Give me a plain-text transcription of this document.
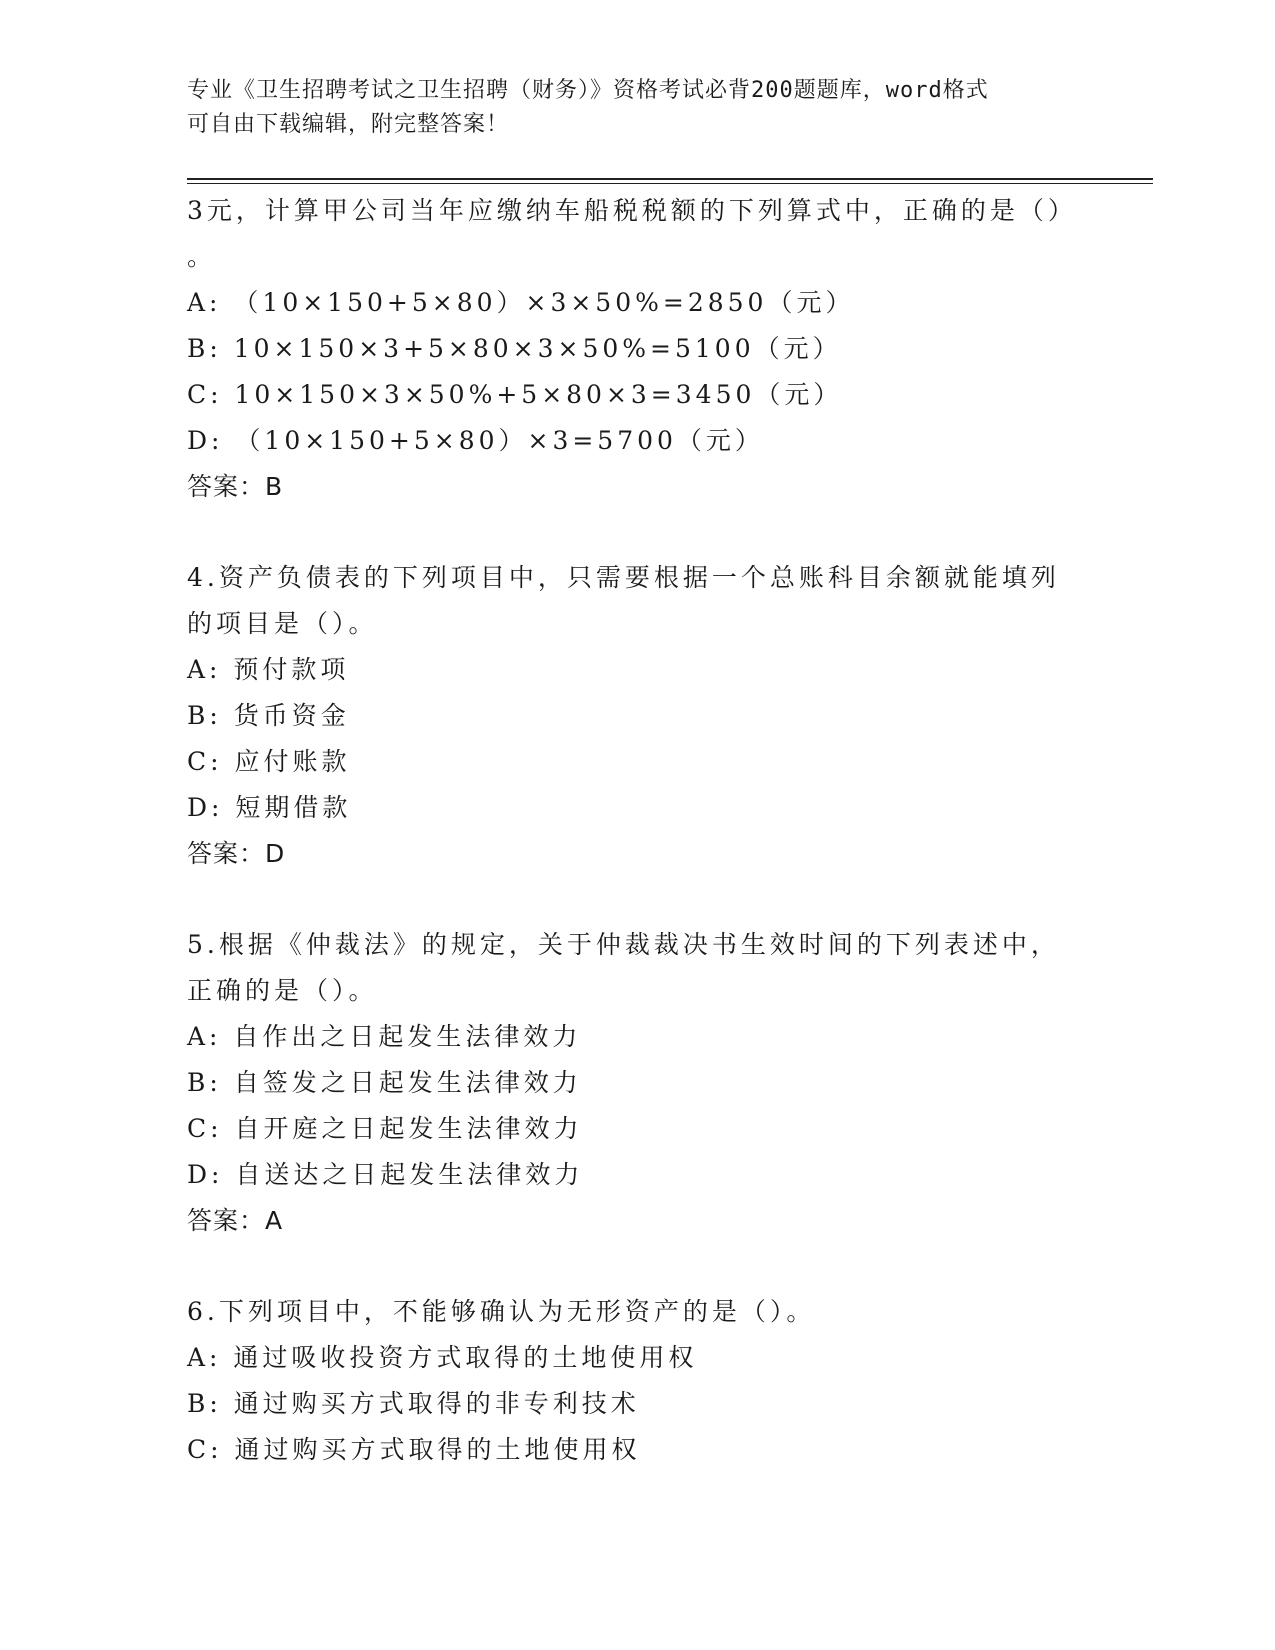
专业《卫生招聘考试之卫生招聘（财务）》资格考试必背200题题库，word格式
可自由下载编辑，附完整答案！
3元，计算甲公司当年应缴纳车船税税额的下列算式中，正确的是（）
。
A: （10×150+5×80）×3×50%=2850（元）
B: 10×150×3+5×80×3×50%=5100（元）
C: 10×150×3×50%+5×80×3=3450（元）
D: （10×150+5×80）×3=5700（元）
答案：B
4.资产负债表的下列项目中，只需要根据一个总账科目余额就能填列
的项目是（）。
A: 预付款项
B: 货币资金
C: 应付账款
D: 短期借款
答案：D
5.根据《仲裁法》的规定，关于仲裁裁决书生效时间的下列表述中，
正确的是（）。
A: 自作出之日起发生法律效力
B: 自签发之日起发生法律效力
C: 自开庭之日起发生法律效力
D: 自送达之日起发生法律效力
答案：A
6.下列项目中，不能够确认为无形资产的是（）。
A: 通过吸收投资方式取得的土地使用权
B: 通过购买方式取得的非专利技术
C: 通过购买方式取得的土地使用权
